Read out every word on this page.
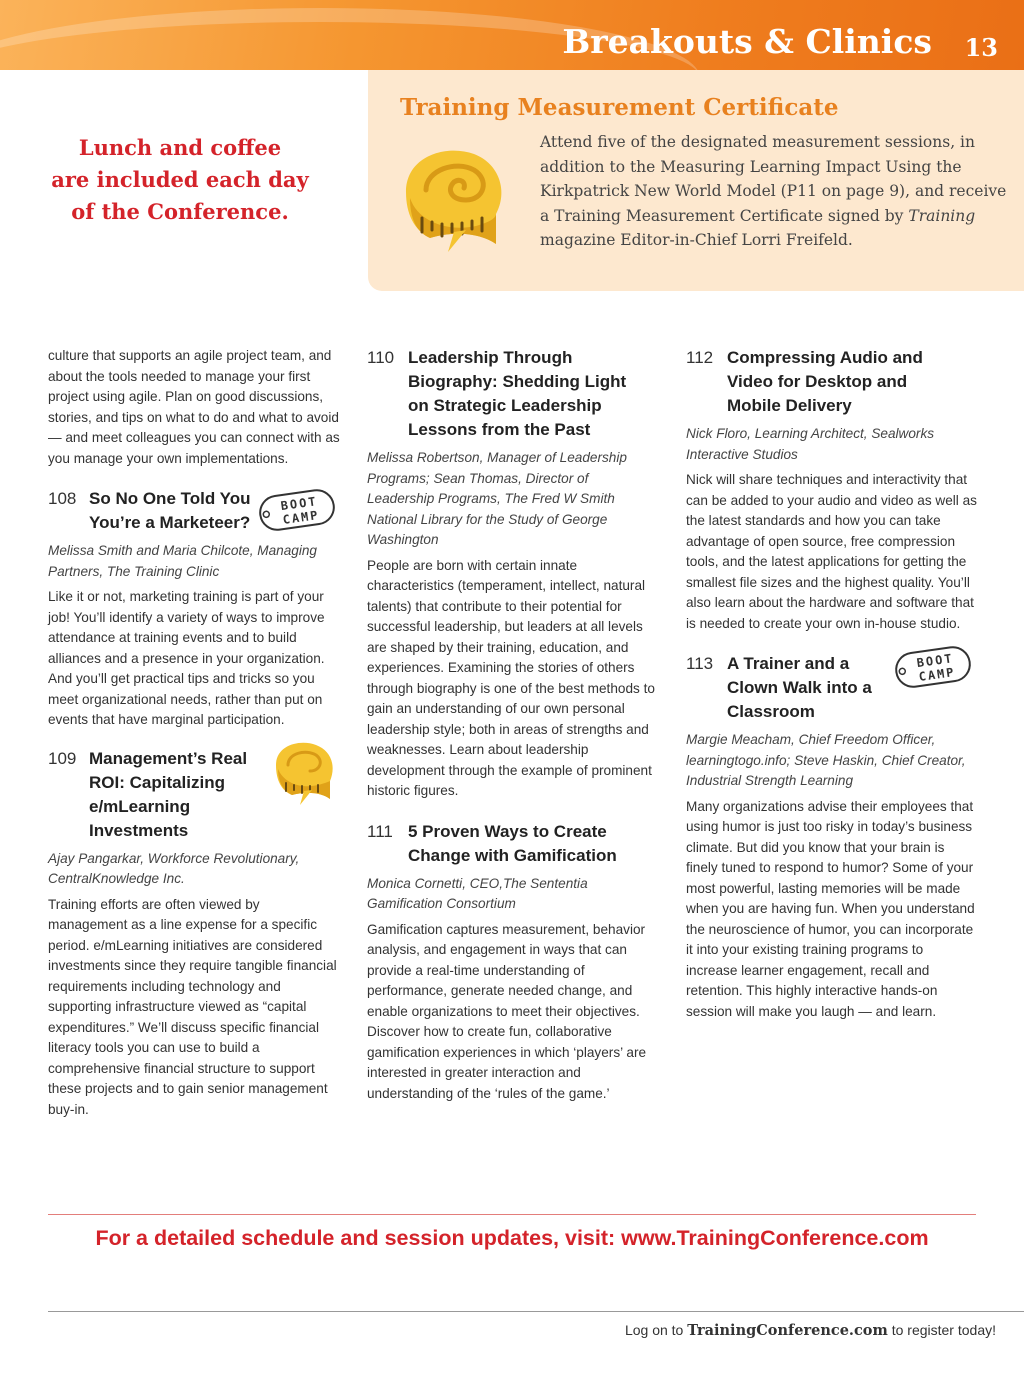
Breakouts & Clinics 13
Lunch and coffee
are included each day
of the Conference.
Training Measurement Certificate
Attend five of the designated measurement sessions, in addition to the Measuring Learning Impact Using the Kirkpatrick New World Model (P11 on page 9), and receive a Training Measurement Certificate signed by Training magazine Editor-in-Chief Lorri Freifeld.
culture that supports an agile project team, and about the tools needed to manage your first project using agile. Plan on good discussions, stories, and tips on what to do and what to avoid — and meet colleagues you can connect with as you manage your own implementations.
108 So No One Told You You’re a Marketeer?
BOOT
CAMP
Melissa Smith and Maria Chilcote, Managing Partners, The Training Clinic
Like it or not, marketing training is part of your job! You’ll identify a variety of ways to improve attendance at training events and to build alliances and a presence in your organization. And you’ll get practical tips and tricks so you meet organizational needs, rather than put on events that have marginal participation.
109 Management’s Real ROI: Capitalizing e/mLearning Investments
Ajay Pangarkar, Workforce Revolutionary, CentralKnowledge Inc.
Training efforts are often viewed by management as a line expense for a specific period. e/mLearning initiatives are considered investments since they require tangible financial requirements including technology and supporting infrastructure viewed as “capital expenditures.” We’ll discuss specific financial literacy tools you can use to build a comprehensive financial structure to support these projects and to gain senior management buy-in.
110 Leadership Through Biography: Shedding Light on Strategic Leadership Lessons from the Past
Melissa Robertson, Manager of Leadership Programs; Sean Thomas, Director of Leadership Programs, The Fred W Smith National Library for the Study of George Washington
People are born with certain innate characteristics (temperament, intellect, natural talents) that contribute to their potential for successful leadership, but leaders at all levels are shaped by their training, education, and experiences. Examining the stories of others through biography is one of the best methods to gain an understanding of our own personal leadership style; both in areas of strengths and weaknesses. Learn about leadership development through the example of prominent historic figures.
111 5 Proven Ways to Create Change with Gamification
Monica Cornetti, CEO,The Sententia Gamification Consortium
Gamification captures measurement, behavior analysis, and engagement in ways that can provide a real-time understanding of performance, generate needed change, and enable organizations to meet their objectives. Discover how to create fun, collaborative gamification experiences in which ‘players’ are interested in greater interaction and understanding of the ‘rules of the game.’
112 Compressing Audio and Video for Desktop and Mobile Delivery
Nick Floro, Learning Architect, Sealworks Interactive Studios
Nick will share techniques and interactivity that can be added to your audio and video as well as the latest standards and how you can take advantage of open source, free compression tools, and the latest applications for getting the smallest file sizes and the highest quality. You’ll also learn about the hardware and software that is needed to create your own in-house studio.
113 A Trainer and a Clown Walk into a Classroom
BOOT
CAMP
Margie Meacham, Chief Freedom Officer, learningtogo.info; Steve Haskin, Chief Creator, Industrial Strength Learning
Many organizations advise their employees that using humor is just too risky in today’s business climate. But did you know that your brain is finely tuned to respond to humor? Some of your most powerful, lasting memories will be made when you are having fun. When you understand the neuroscience of humor, you can incorporate it into your existing training programs to increase learner engagement, recall and retention. This highly interactive hands-on session will make you laugh — and learn.
For a detailed schedule and session updates, visit: www.TrainingConference.com
Log on to TrainingConference.com to register today!
